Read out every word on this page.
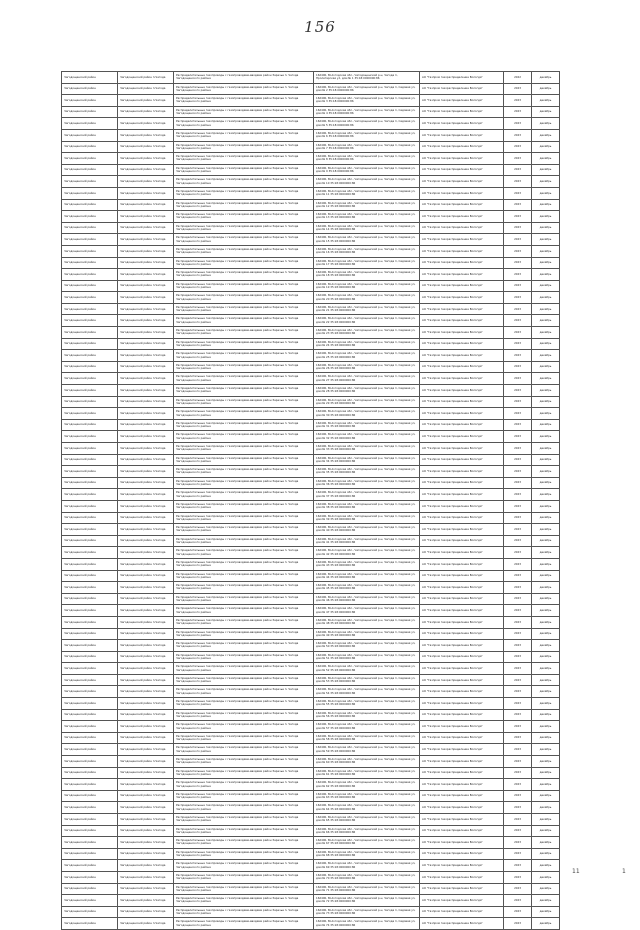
156
Чагодощенский район	Чагодощенский район п.Чагода	Распределительные газопроводы с газопроводами-вводами район Заречье п. Чагода Чагодощенского района	162400, Вологодская обл., Чагодощенский р-н, Чагода п, Пролетарская ул, дом № 1 35:18:0000000:86	АО "Газпром газораспределение Вологда"	2022	декабрь
Чагодощенский район	Чагодощенский район п.Чагода	Распределительные газопроводы с газопроводами-вводами район Заречье п. Чагода Чагодощенского района	162400, Вологодская обл., Чагодощенский р-н, Чагода п, Садовая ул, дом № 2 35:18:0000000:86	АО "Газпром газораспределение Вологда"	2023	декабрь
Чагодощенский район	Чагодощенский район п.Чагода	Распределительные газопроводы с газопроводами-вводами район Заречье п. Чагода Чагодощенского района	162400, Вологодская обл., Чагодощенский р-н, Чагода п, Садовая ул, дом № 3 35:18:0000000:86	АО "Газпром газораспределение Вологда"	2023	декабрь
Чагодощенский район	Чагодощенский район п.Чагода	Распределительные газопроводы с газопроводами-вводами район Заречье п. Чагода Чагодощенского района	162400, Вологодская обл., Чагодощенский р-н, Чагода п, Садовая ул, дом № 4 35:18:0000000:86	АО "Газпром газораспределение Вологда"	2023	декабрь
Чагодощенский район	Чагодощенский район п.Чагода	Распределительные газопроводы с газопроводами-вводами район Заречье п. Чагода Чагодощенского района	162400, Вологодская обл., Чагодощенский р-н, Чагода п, Садовая ул, дом № 5 35:18:0000000:86	АО "Газпром газораспределение Вологда"	2023	декабрь
Чагодощенский район	Чагодощенский район п.Чагода	Распределительные газопроводы с газопроводами-вводами район Заречье п. Чагода Чагодощенского района	162400, Вологодская обл., Чагодощенский р-н, Чагода п, Садовая ул, дом № 6 35:18:0000000:86	АО "Газпром газораспределение Вологда"	2023	декабрь
Чагодощенский район	Чагодощенский район п.Чагода	Распределительные газопроводы с газопроводами-вводами район Заречье п. Чагода Чагодощенского района	162400, Вологодская обл., Чагодощенский р-н, Чагода п, Садовая ул, дом № 7 35:18:0000000:86	АО "Газпром газораспределение Вологда"	2023	декабрь
Чагодощенский район	Чагодощенский район п.Чагода	Распределительные газопроводы с газопроводами-вводами район Заречье п. Чагода Чагодощенского района	162400, Вологодская обл., Чагодощенский р-н, Чагода п, Садовая ул, дом № 8 35:18:0000000:86	АО "Газпром газораспределение Вологда"	2023	декабрь
Чагодощенский район	Чагодощенский район п.Чагода	Распределительные газопроводы с газопроводами-вводами район Заречье п. Чагода Чагодощенского района	162400, Вологодская обл., Чагодощенский р-н, Чагода п, Садовая ул, дом № 9 35:18:0000000:86	АО "Газпром газораспределение Вологда"	2023	декабрь
Чагодощенский район	Чагодощенский район п.Чагода	Распределительные газопроводы с газопроводами-вводами район Заречье п. Чагода Чагодощенского района	162400, Вологодская обл., Чагодощенский р-н, Чагода п, Садовая ул, дом № 10 35:18:0000000:86	АО "Газпром газораспределение Вологда"	2023	декабрь
Чагодощенский район	Чагодощенский район п.Чагода	Распределительные газопроводы с газопроводами-вводами район Заречье п. Чагода Чагодощенского района	162400, Вологодская обл., Чагодощенский р-н, Чагода п, Садовая ул, дом № 11 35:18:0000000:86	АО "Газпром газораспределение Вологда"	2023	декабрь
Чагодощенский район	Чагодощенский район п.Чагода	Распределительные газопроводы с газопроводами-вводами район Заречье п. Чагода Чагодощенского района	162400, Вологодская обл., Чагодощенский р-н, Чагода п, Садовая ул, дом № 12 35:18:0000000:86	АО "Газпром газораспределение Вологда"	2023	декабрь
Чагодощенский район	Чагодощенский район п.Чагода	Распределительные газопроводы с газопроводами-вводами район Заречье п. Чагода Чагодощенского района	162400, Вологодская обл., Чагодощенский р-н, Чагода п, Садовая ул, дом № 13 35:18:0000000:86	АО "Газпром газораспределение Вологда"	2023	декабрь
Чагодощенский район	Чагодощенский район п.Чагода	Распределительные газопроводы с газопроводами-вводами район Заречье п. Чагода Чагодощенского района	162400, Вологодская обл., Чагодощенский р-н, Чагода п, Садовая ул, дом № 14 35:18:0000000:86	АО "Газпром газораспределение Вологда"	2023	декабрь
Чагодощенский район	Чагодощенский район п.Чагода	Распределительные газопроводы с газопроводами-вводами район Заречье п. Чагода Чагодощенского района	162400, Вологодская обл., Чагодощенский р-н, Чагода п, Садовая ул, дом № 15 35:18:0000000:86	АО "Газпром газораспределение Вологда"	2023	декабрь
Чагодощенский район	Чагодощенский район п.Чагода	Распределительные газопроводы с газопроводами-вводами район Заречье п. Чагода Чагодощенского района	162400, Вологодская обл., Чагодощенский р-н, Чагода п, Садовая ул, дом № 16 35:18:0000000:86	АО "Газпром газораспределение Вологда"	2023	декабрь
Чагодощенский район	Чагодощенский район п.Чагода	Распределительные газопроводы с газопроводами-вводами район Заречье п. Чагода Чагодощенского района	162400, Вологодская обл., Чагодощенский р-н, Чагода п, Садовая ул, дом № 17 35:18:0000000:86	АО "Газпром газораспределение Вологда"	2023	декабрь
Чагодощенский район	Чагодощенский район п.Чагода	Распределительные газопроводы с газопроводами-вводами район Заречье п. Чагода Чагодощенского района	162400, Вологодская обл., Чагодощенский р-н, Чагода п, Садовая ул, дом № 18 35:18:0000000:86	АО "Газпром газораспределение Вологда"	2023	декабрь
Чагодощенский район	Чагодощенский район п.Чагода	Распределительные газопроводы с газопроводами-вводами район Заречье п. Чагода Чагодощенского района	162400, Вологодская обл., Чагодощенский р-н, Чагода п, Садовая ул, дом № 19 35:18:0000000:86	АО "Газпром газораспределение Вологда"	2023	декабрь
Чагодощенский район	Чагодощенский район п.Чагода	Распределительные газопроводы с газопроводами-вводами район Заречье п. Чагода Чагодощенского района	162400, Вологодская обл., Чагодощенский р-н, Чагода п, Садовая ул, дом № 20 35:18:0000000:86	АО "Газпром газораспределение Вологда"	2023	декабрь
Чагодощенский район	Чагодощенский район п.Чагода	Распределительные газопроводы с газопроводами-вводами район Заречье п. Чагода Чагодощенского района	162400, Вологодская обл., Чагодощенский р-н, Чагода п, Садовая ул, дом № 21 35:18:0000000:86	АО "Газпром газораспределение Вологда"	2023	декабрь
Чагодощенский район	Чагодощенский район п.Чагода	Распределительные газопроводы с газопроводами-вводами район Заречье п. Чагода Чагодощенского района	162400, Вологодская обл., Чагодощенский р-н, Чагода п, Садовая ул, дом № 22 35:18:0000000:86	АО "Газпром газораспределение Вологда"	2023	декабрь
Чагодощенский район	Чагодощенский район п.Чагода	Распределительные газопроводы с газопроводами-вводами район Заречье п. Чагода Чагодощенского района	162400, Вологодская обл., Чагодощенский р-н, Чагода п, Садовая ул, дом № 23 35:18:0000000:86	АО "Газпром газораспределение Вологда"	2023	декабрь
Чагодощенский район	Чагодощенский район п.Чагода	Распределительные газопроводы с газопроводами-вводами район Заречье п. Чагода Чагодощенского района	162400, Вологодская обл., Чагодощенский р-н, Чагода п, Садовая ул, дом № 24 35:18:0000000:86	АО "Газпром газораспределение Вологда"	2023	декабрь
Чагодощенский район	Чагодощенский район п.Чагода	Распределительные газопроводы с газопроводами-вводами район Заречье п. Чагода Чагодощенского района	162400, Вологодская обл., Чагодощенский р-н, Чагода п, Садовая ул, дом № 25 35:18:0000000:86	АО "Газпром газораспределение Вологда"	2023	декабрь
Чагодощенский район	Чагодощенский район п.Чагода	Распределительные газопроводы с газопроводами-вводами район Заречье п. Чагода Чагодощенского района	162400, Вологодская обл., Чагодощенский р-н, Чагода п, Садовая ул, дом № 26 35:18:0000000:86	АО "Газпром газораспределение Вологда"	2023	декабрь
Чагодощенский район	Чагодощенский район п.Чагода	Распределительные газопроводы с газопроводами-вводами район Заречье п. Чагода Чагодощенского района	162400, Вологодская обл., Чагодощенский р-н, Чагода п, Садовая ул, дом № 27 35:18:0000000:86	АО "Газпром газораспределение Вологда"	2023	декабрь
Чагодощенский район	Чагодощенский район п.Чагода	Распределительные газопроводы с газопроводами-вводами район Заречье п. Чагода Чагодощенского района	162400, Вологодская обл., Чагодощенский р-н, Чагода п, Садовая ул, дом № 28 35:18:0000000:86	АО "Газпром газораспределение Вологда"	2023	декабрь
Чагодощенский район	Чагодощенский район п.Чагода	Распределительные газопроводы с газопроводами-вводами район Заречье п. Чагода Чагодощенского района	162400, Вологодская обл., Чагодощенский р-н, Чагода п, Садовая ул, дом № 29 35:18:0000000:86	АО "Газпром газораспределение Вологда"	2023	декабрь
Чагодощенский район	Чагодощенский район п.Чагода	Распределительные газопроводы с газопроводами-вводами район Заречье п. Чагода Чагодощенского района	162400, Вологодская обл., Чагодощенский р-н, Чагода п, Садовая ул, дом № 30 35:18:0000000:86	АО "Газпром газораспределение Вологда"	2023	декабрь
Чагодощенский район	Чагодощенский район п.Чагода	Распределительные газопроводы с газопроводами-вводами район Заречье п. Чагода Чагодощенского района	162400, Вологодская обл., Чагодощенский р-н, Чагода п, Садовая ул, дом № 31 35:18:0000000:86	АО "Газпром газораспределение Вологда"	2023	декабрь
Чагодощенский район	Чагодощенский район п.Чагода	Распределительные газопроводы с газопроводами-вводами район Заречье п. Чагода Чагодощенского района	162400, Вологодская обл., Чагодощенский р-н, Чагода п, Садовая ул, дом № 32 35:18:0000000:86	АО "Газпром газораспределение Вологда"	2023	декабрь
Чагодощенский район	Чагодощенский район п.Чагода	Распределительные газопроводы с газопроводами-вводами район Заречье п. Чагода Чагодощенского района	162400, Вологодская обл., Чагодощенский р-н, Чагода п, Садовая ул, дом № 33 35:18:0000000:86	АО "Газпром газораспределение Вологда"	2023	декабрь
Чагодощенский район	Чагодощенский район п.Чагода	Распределительные газопроводы с газопроводами-вводами район Заречье п. Чагода Чагодощенского района	162400, Вологодская обл., Чагодощенский р-н, Чагода п, Садовая ул, дом № 34 35:18:0000000:86	АО "Газпром газораспределение Вологда"	2023	декабрь
Чагодощенский район	Чагодощенский район п.Чагода	Распределительные газопроводы с газопроводами-вводами район Заречье п. Чагода Чагодощенского района	162400, Вологодская обл., Чагодощенский р-н, Чагода п, Садовая ул, дом № 35 35:18:0000000:86	АО "Газпром газораспределение Вологда"	2023	декабрь
Чагодощенский район	Чагодощенский район п.Чагода	Распределительные газопроводы с газопроводами-вводами район Заречье п. Чагода Чагодощенского района	162400, Вологодская обл., Чагодощенский р-н, Чагода п, Садовая ул, дом № 36 35:18:0000000:86	АО "Газпром газораспределение Вологда"	2023	декабрь
Чагодощенский район	Чагодощенский район п.Чагода	Распределительные газопроводы с газопроводами-вводами район Заречье п. Чагода Чагодощенского района	162400, Вологодская обл., Чагодощенский р-н, Чагода п, Садовая ул, дом № 37 35:18:0000000:86	АО "Газпром газораспределение Вологда"	2023	декабрь
Чагодощенский район	Чагодощенский район п.Чагода	Распределительные газопроводы с газопроводами-вводами район Заречье п. Чагода Чагодощенского района	162400, Вологодская обл., Чагодощенский р-н, Чагода п, Садовая ул, дом № 38 35:18:0000000:86	АО "Газпром газораспределение Вологда"	2023	декабрь
Чагодощенский район	Чагодощенский район п.Чагода	Распределительные газопроводы с газопроводами-вводами район Заречье п. Чагода Чагодощенского района	162400, Вологодская обл., Чагодощенский р-н, Чагода п, Садовая ул, дом № 39 35:18:0000000:86	АО "Газпром газораспределение Вологда"	2023	декабрь
Чагодощенский район	Чагодощенский район п.Чагода	Распределительные газопроводы с газопроводами-вводами район Заречье п. Чагода Чагодощенского района	162400, Вологодская обл., Чагодощенский р-н, Чагода п, Садовая ул, дом № 40 35:18:0000000:86	АО "Газпром газораспределение Вологда"	2023	декабрь
Чагодощенский район	Чагодощенский район п.Чагода	Распределительные газопроводы с газопроводами-вводами район Заречье п. Чагода Чагодощенского района	162400, Вологодская обл., Чагодощенский р-н, Чагода п, Садовая ул, дом № 41 35:18:0000000:86	АО "Газпром газораспределение Вологда"	2023	декабрь
Чагодощенский район	Чагодощенский район п.Чагода	Распределительные газопроводы с газопроводами-вводами район Заречье п. Чагода Чагодощенского района	162400, Вологодская обл., Чагодощенский р-н, Чагода п, Садовая ул, дом № 42 35:18:0000000:86	АО "Газпром газораспределение Вологда"	2023	декабрь
Чагодощенский район	Чагодощенский район п.Чагода	Распределительные газопроводы с газопроводами-вводами район Заречье п. Чагода Чагодощенского района	162400, Вологодская обл., Чагодощенский р-н, Чагода п, Садовая ул, дом № 43 35:18:0000000:86	АО "Газпром газораспределение Вологда"	2023	декабрь
Чагодощенский район	Чагодощенский район п.Чагода	Распределительные газопроводы с газопроводами-вводами район Заречье п. Чагода Чагодощенского района	162400, Вологодская обл., Чагодощенский р-н, Чагода п, Садовая ул, дом № 44 35:18:0000000:86	АО "Газпром газораспределение Вологда"	2023	декабрь
Чагодощенский район	Чагодощенский район п.Чагода	Распределительные газопроводы с газопроводами-вводами район Заречье п. Чагода Чагодощенского района	162400, Вологодская обл., Чагодощенский р-н, Чагода п, Садовая ул, дом № 45 35:18:0000000:86	АО "Газпром газораспределение Вологда"	2023	декабрь
Чагодощенский район	Чагодощенский район п.Чагода	Распределительные газопроводы с газопроводами-вводами район Заречье п. Чагода Чагодощенского района	162400, Вологодская обл., Чагодощенский р-н, Чагода п, Садовая ул, дом № 46 35:18:0000000:86	АО "Газпром газораспределение Вологда"	2023	декабрь
Чагодощенский район	Чагодощенский район п.Чагода	Распределительные газопроводы с газопроводами-вводами район Заречье п. Чагода Чагодощенского района	162400, Вологодская обл., Чагодощенский р-н, Чагода п, Садовая ул, дом № 47 35:18:0000000:86	АО "Газпром газораспределение Вологда"	2023	декабрь
Чагодощенский район	Чагодощенский район п.Чагода	Распределительные газопроводы с газопроводами-вводами район Заречье п. Чагода Чагодощенского района	162400, Вологодская обл., Чагодощенский р-н, Чагода п, Садовая ул, дом № 48 35:18:0000000:86	АО "Газпром газораспределение Вологда"	2023	декабрь
Чагодощенский район	Чагодощенский район п.Чагода	Распределительные газопроводы с газопроводами-вводами район Заречье п. Чагода Чагодощенского района	162400, Вологодская обл., Чагодощенский р-н, Чагода п, Садовая ул, дом № 49 35:18:0000000:86	АО "Газпром газораспределение Вологда"	2023	декабрь
Чагодощенский район	Чагодощенский район п.Чагода	Распределительные газопроводы с газопроводами-вводами район Заречье п. Чагода Чагодощенского района	162400, Вологодская обл., Чагодощенский р-н, Чагода п, Садовая ул, дом № 50 35:18:0000000:86	АО "Газпром газораспределение Вологда"	2023	декабрь
Чагодощенский район	Чагодощенский район п.Чагода	Распределительные газопроводы с газопроводами-вводами район Заречье п. Чагода Чагодощенского района	162400, Вологодская обл., Чагодощенский р-н, Чагода п, Садовая ул, дом № 51 35:18:0000000:86	АО "Газпром газораспределение Вологда"	2023	декабрь
Чагодощенский район	Чагодощенский район п.Чагода	Распределительные газопроводы с газопроводами-вводами район Заречье п. Чагода Чагодощенского района	162400, Вологодская обл., Чагодощенский р-н, Чагода п, Садовая ул, дом № 52 35:18:0000000:86	АО "Газпром газораспределение Вологда"	2023	декабрь
Чагодощенский район	Чагодощенский район п.Чагода	Распределительные газопроводы с газопроводами-вводами район Заречье п. Чагода Чагодощенского района	162400, Вологодская обл., Чагодощенский р-н, Чагода п, Садовая ул, дом № 53 35:18:0000000:86	АО "Газпром газораспределение Вологда"	2023	декабрь
Чагодощенский район	Чагодощенский район п.Чагода	Распределительные газопроводы с газопроводами-вводами район Заречье п. Чагода Чагодощенского района	162400, Вологодская обл., Чагодощенский р-н, Чагода п, Садовая ул, дом № 54 35:18:0000000:86	АО "Газпром газораспределение Вологда"	2023	декабрь
Чагодощенский район	Чагодощенский район п.Чагода	Распределительные газопроводы с газопроводами-вводами район Заречье п. Чагода Чагодощенского района	162400, Вологодская обл., Чагодощенский р-н, Чагода п, Садовая ул, дом № 55 35:18:0000000:86	АО "Газпром газораспределение Вологда"	2023	декабрь
Чагодощенский район	Чагодощенский район п.Чагода	Распределительные газопроводы с газопроводами-вводами район Заречье п. Чагода Чагодощенского района	162400, Вологодская обл., Чагодощенский р-н, Чагода п, Садовая ул, дом № 56 35:18:0000000:86	АО "Газпром газораспределение Вологда"	2023	декабрь
Чагодощенский район	Чагодощенский район п.Чагода	Распределительные газопроводы с газопроводами-вводами район Заречье п. Чагода Чагодощенского района	162400, Вологодская обл., Чагодощенский р-н, Чагода п, Садовая ул, дом № 57 35:18:0000000:86	АО "Газпром газораспределение Вологда"	2023	декабрь
Чагодощенский район	Чагодощенский район п.Чагода	Распределительные газопроводы с газопроводами-вводами район Заречье п. Чагода Чагодощенского района	162400, Вологодская обл., Чагодощенский р-н, Чагода п, Садовая ул, дом № 58 35:18:0000000:86	АО "Газпром газораспределение Вологда"	2023	декабрь
Чагодощенский район	Чагодощенский район п.Чагода	Распределительные газопроводы с газопроводами-вводами район Заречье п. Чагода Чагодощенского района	162400, Вологодская обл., Чагодощенский р-н, Чагода п, Садовая ул, дом № 59 35:18:0000000:86	АО "Газпром газораспределение Вологда"	2023	декабрь
Чагодощенский район	Чагодощенский район п.Чагода	Распределительные газопроводы с газопроводами-вводами район Заречье п. Чагода Чагодощенского района	162400, Вологодская обл., Чагодощенский р-н, Чагода п, Садовая ул, дом № 60 35:18:0000000:86	АО "Газпром газораспределение Вологда"	2023	декабрь
Чагодощенский район	Чагодощенский район п.Чагода	Распределительные газопроводы с газопроводами-вводами район Заречье п. Чагода Чагодощенского района	162400, Вологодская обл., Чагодощенский р-н, Чагода п, Садовая ул, дом № 61 35:18:0000000:86	АО "Газпром газораспределение Вологда"	2023	декабрь
Чагодощенский район	Чагодощенский район п.Чагода	Распределительные газопроводы с газопроводами-вводами район Заречье п. Чагода Чагодощенского района	162400, Вологодская обл., Чагодощенский р-н, Чагода п, Садовая ул, дом № 62 35:18:0000000:86	АО "Газпром газораспределение Вологда"	2023	декабрь
Чагодощенский район	Чагодощенский район п.Чагода	Распределительные газопроводы с газопроводами-вводами район Заречье п. Чагода Чагодощенского района	162400, Вологодская обл., Чагодощенский р-н, Чагода п, Садовая ул, дом № 63 35:18:0000000:86	АО "Газпром газораспределение Вологда"	2023	декабрь
Чагодощенский район	Чагодощенский район п.Чагода	Распределительные газопроводы с газопроводами-вводами район Заречье п. Чагода Чагодощенского района	162400, Вологодская обл., Чагодощенский р-н, Чагода п, Садовая ул, дом № 64 35:18:0000000:86	АО "Газпром газораспределение Вологда"	2023	декабрь
Чагодощенский район	Чагодощенский район п.Чагода	Распределительные газопроводы с газопроводами-вводами район Заречье п. Чагода Чагодощенского района	162400, Вологодская обл., Чагодощенский р-н, Чагода п, Садовая ул, дом № 65 35:18:0000000:86	АО "Газпром газораспределение Вологда"	2023	декабрь
Чагодощенский район	Чагодощенский район п.Чагода	Распределительные газопроводы с газопроводами-вводами район Заречье п. Чагода Чагодощенского района	162400, Вологодская обл., Чагодощенский р-н, Чагода п, Садовая ул, дом № 66 35:18:0000000:86	АО "Газпром газораспределение Вологда"	2023	декабрь
Чагодощенский район	Чагодощенский район п.Чагода	Распределительные газопроводы с газопроводами-вводами район Заречье п. Чагода Чагодощенского района	162400, Вологодская обл., Чагодощенский р-н, Чагода п, Садовая ул, дом № 67 35:18:0000000:86	АО "Газпром газораспределение Вологда"	2023	декабрь
Чагодощенский район	Чагодощенский район п.Чагода	Распределительные газопроводы с газопроводами-вводами район Заречье п. Чагода Чагодощенского района	162400, Вологодская обл., Чагодощенский р-н, Чагода п, Садовая ул, дом № 68 35:18:0000000:86	АО "Газпром газораспределение Вологда"	2023	декабрь
Чагодощенский район	Чагодощенский район п.Чагода	Распределительные газопроводы с газопроводами-вводами район Заречье п. Чагода Чагодощенского района	162400, Вологодская обл., Чагодощенский р-н, Чагода п, Садовая ул, дом № 69 35:18:0000000:86	АО "Газпром газораспределение Вологда"	2023	декабрь
Чагодощенский район	Чагодощенский район п.Чагода	Распределительные газопроводы с газопроводами-вводами район Заречье п. Чагода Чагодощенского района	162400, Вологодская обл., Чагодощенский р-н, Чагода п, Садовая ул, дом № 70 35:18:0000000:86	АО "Газпром газораспределение Вологда"	2023	декабрь
Чагодощенский район	Чагодощенский район п.Чагода	Распределительные газопроводы с газопроводами-вводами район Заречье п. Чагода Чагодощенского района	162400, Вологодская обл., Чагодощенский р-н, Чагода п, Садовая ул, дом № 71 35:18:0000000:86	АО "Газпром газораспределение Вологда"	2023	декабрь
Чагодощенский район	Чагодощенский район п.Чагода	Распределительные газопроводы с газопроводами-вводами район Заречье п. Чагода Чагодощенского района	162400, Вологодская обл., Чагодощенский р-н, Чагода п, Садовая ул, дом № 72 35:18:0000000:86	АО "Газпром газораспределение Вологда"	2023	декабрь
Чагодощенский район	Чагодощенский район п.Чагода	Распределительные газопроводы с газопроводами-вводами район Заречье п. Чагода Чагодощенского района	162400, Вологодская обл., Чагодощенский р-н, Чагода п, Садовая ул, дом № 73 35:18:0000000:86	АО "Газпром газораспределение Вологда"	2023	декабрь
Чагодощенский район	Чагодощенский район п.Чагода	Распределительные газопроводы с газопроводами-вводами район Заречье п. Чагода Чагодощенского района	162400, Вологодская обл., Чагодощенский р-н, Чагода п, Садовая ул, дом № 74 35:18:0000000:86	АО "Газпром газораспределение Вологда"	2023	декабрь
11	1
